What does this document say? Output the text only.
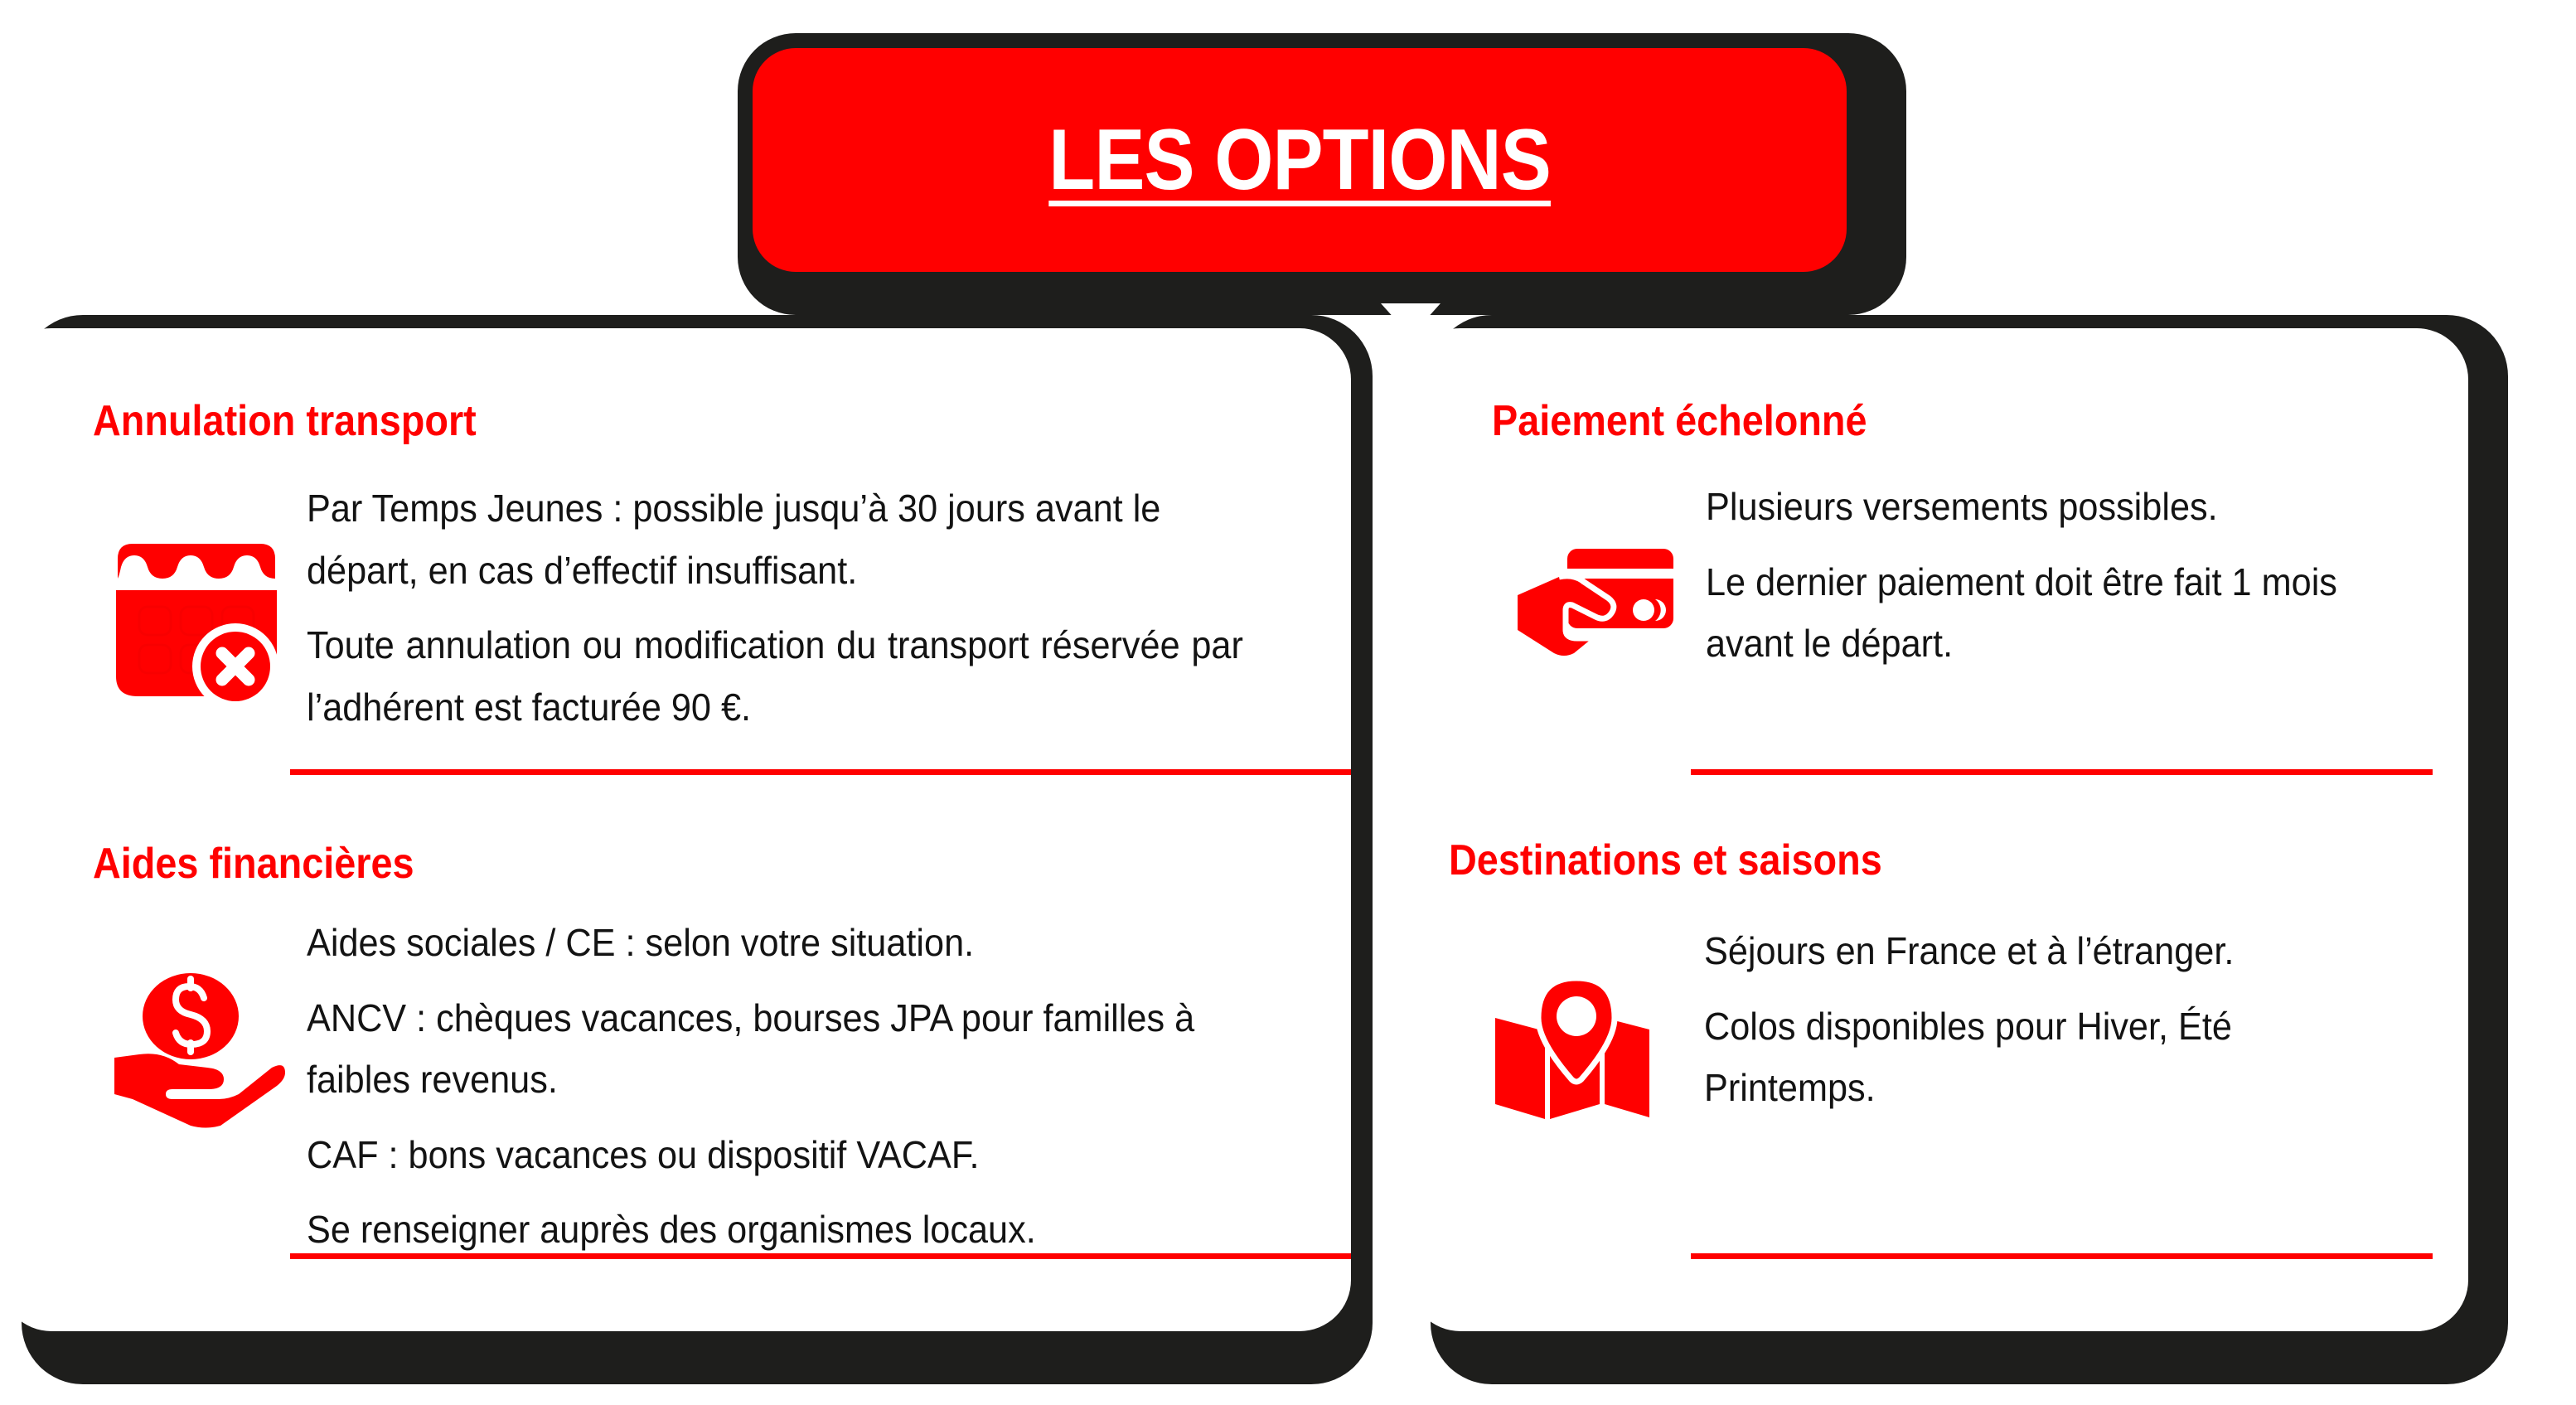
LES OPTIONS
Annulation transport

Par Temps Jeunes : possible jusqu’à 30 jours avant le départ, en cas d’effectif insuffisant.

Toute annulation ou modification du transport réservée par l’adhérent est facturée 90 €.

Aides financières

Aides sociales / CE : selon votre situation.

ANCV : chèques vacances, bourses JPA pour familles à faibles revenus.

CAF : bons vacances ou dispositif VACAF.

Se renseigner auprès des organismes locaux.

Paiement échelonné

Plusieurs versements possibles.

Le dernier paiement doit être fait 1 mois avant le départ.

Destinations et saisons

Séjours en France et à l’étranger.

Colos disponibles pour Hiver, Été Printemps.
